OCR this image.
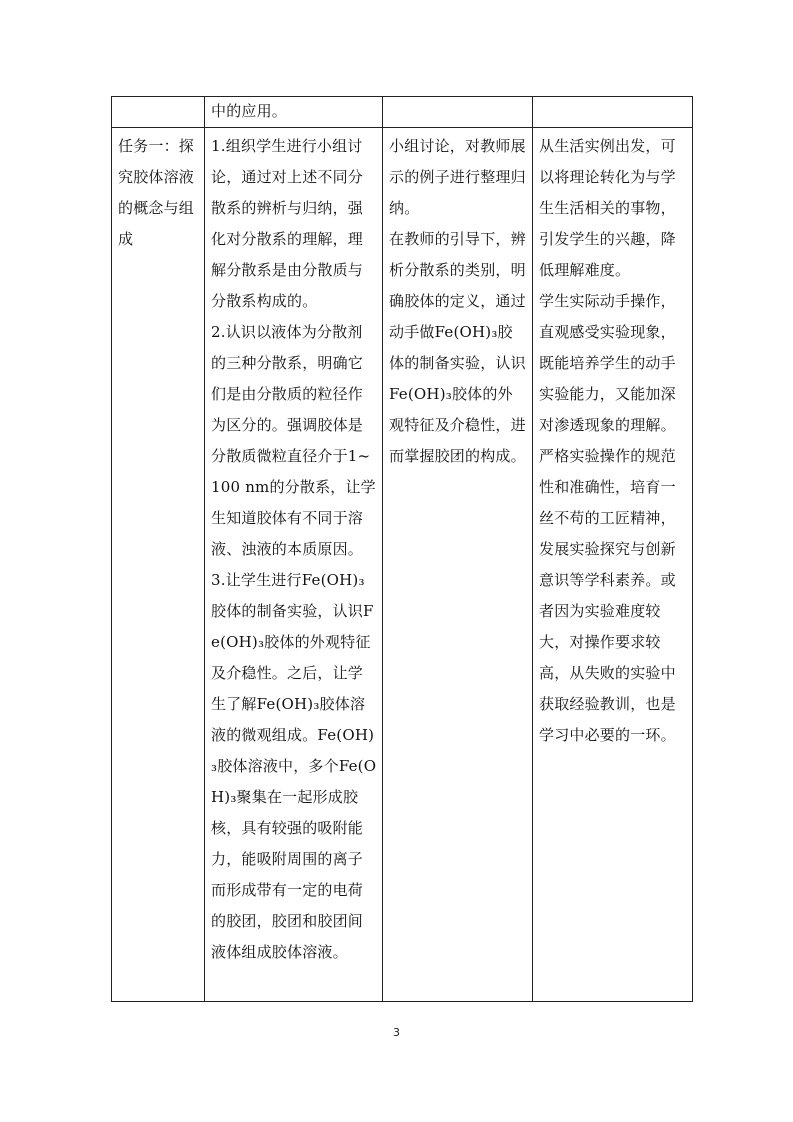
	中的应用。		

任务一：探究胶体溶液的概念与组成	1.组织学生进行小组讨论，通过对上述不同分散系的辨析与归纳，强化对分散系的理解，理解分散系是由分散质与分散系构成的。
2.认识以液体为分散剂的三种分散系，明确它们是由分散质的粒径作为区分的。强调胶体是分散质微粒直径介于1~100 nm的分散系，让学生知道胶体有不同于溶液、浊液的本质原因。
3.让学生进行Fe(OH)₃胶体的制备实验，认识Fe(OH)₃胶体的外观特征及介稳性。之后，让学生了解Fe(OH)₃胶体溶液的微观组成。Fe(OH)₃胶体溶液中，多个Fe(OH)₃聚集在一起形成胶核，具有较强的吸附能力，能吸附周围的离子而形成带有一定的电荷的胶团，胶团和胶团间液体组成胶体溶液。	小组讨论，对教师展示的例子进行整理归纳。
在教师的引导下，辨析分散系的类别，明确胶体的定义，通过动手做Fe(OH)₃胶体的制备实验，认识Fe(OH)₃胶体的外观特征及介稳性，进而掌握胶团的构成。	从生活实例出发，可以将理论转化为与学生生活相关的事物，引发学生的兴趣，降低理解难度。
学生实际动手操作，直观感受实验现象，既能培养学生的动手实验能力，又能加深对渗透现象的理解。严格实验操作的规范性和准确性，培育一丝不苟的工匠精神，发展实验探究与创新意识等学科素养。或者因为实验难度较大，对操作要求较高，从失败的实验中获取经验教训，也是学习中必要的一环。
3
